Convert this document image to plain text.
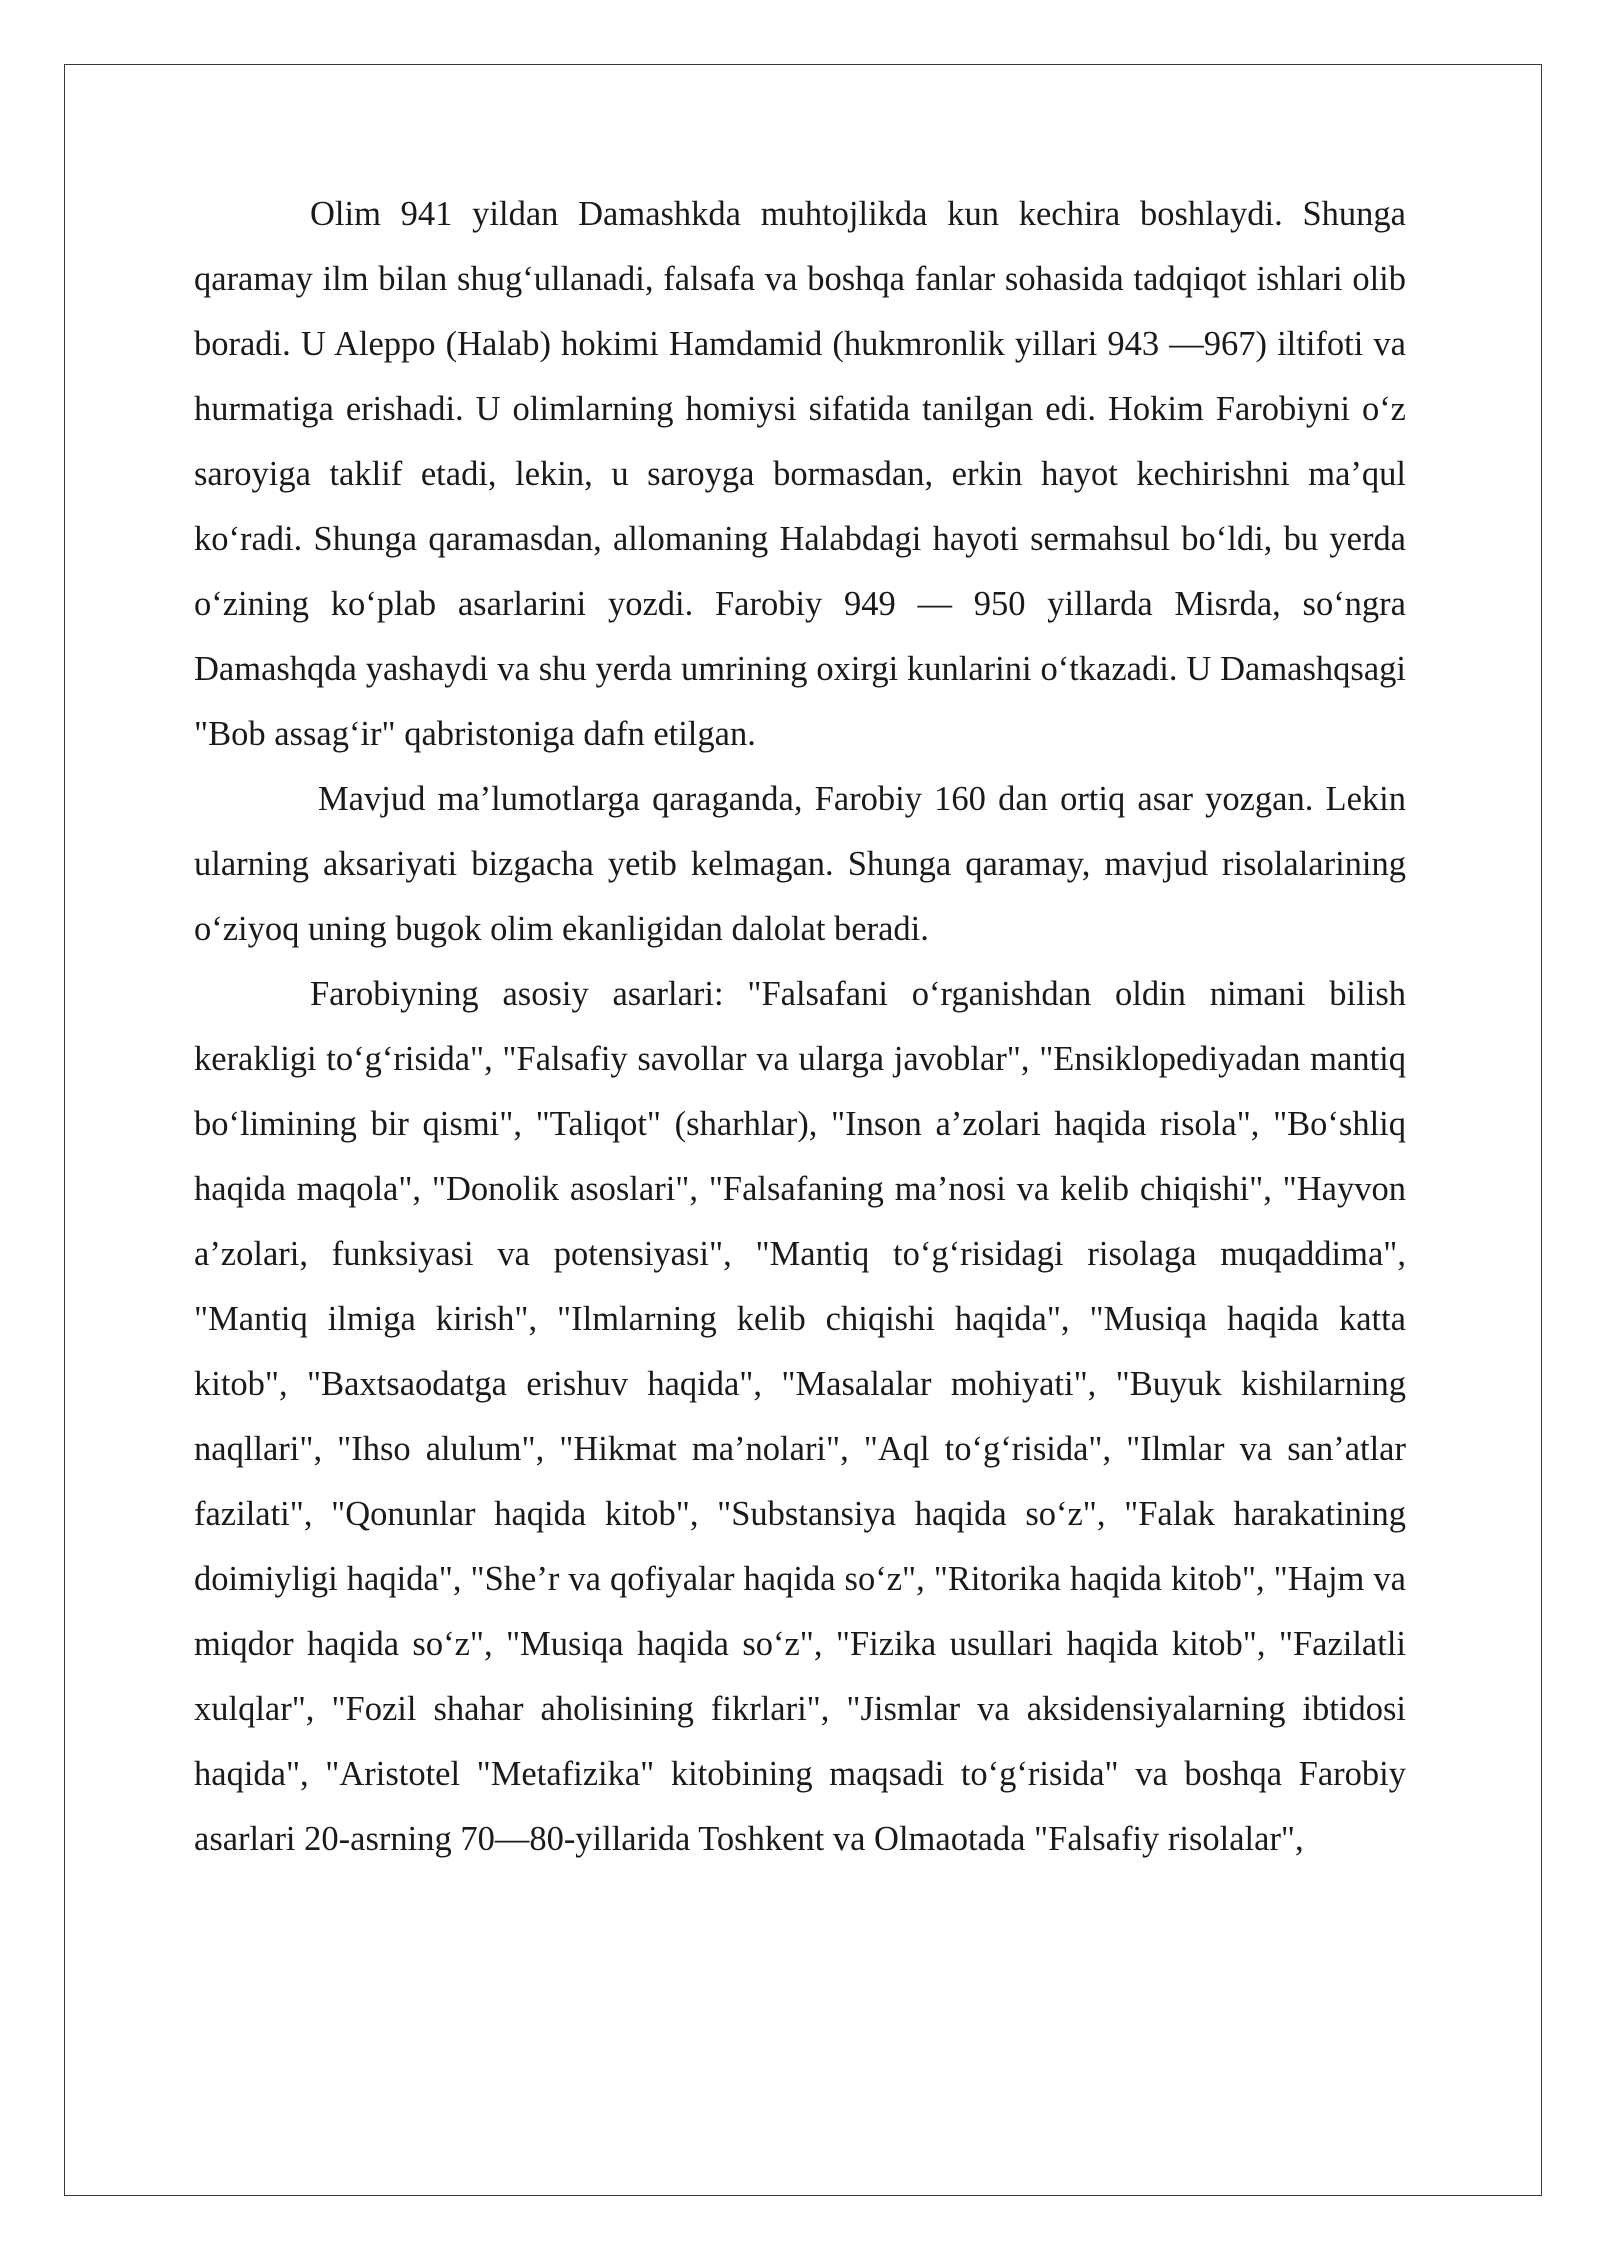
Olim 941 yildan Damashkda muhtojlikda kun kechira boshlaydi. Shunga qaramay ilm bilan shug‘ullanadi, falsafa va boshqa fanlar sohasida tadqiqot ishlari olib boradi. U Aleppo (Halab) hokimi Hamdamid (hukmronlik yillari 943 —967) iltifoti va hurmatiga erishadi. U olimlarning homiysi sifatida tanilgan edi. Hokim Farobiyni o‘z saroyiga taklif etadi, lekin, u saroyga bormasdan, erkin hayot kechirishni ma’qul ko‘radi. Shunga qaramasdan, allomaning Halabdagi hayoti sermahsul bo‘ldi, bu yerda o‘zining ko‘plab asarlarini yozdi. Farobiy 949 — 950 yillarda Misrda, so‘ngra Damashqda yashaydi va shu yerda umrining oxirgi kunlarini o‘tkazadi. U Damashqsagi "Bob assag‘ir" qabristoniga dafn etilgan.

Mavjud ma’lumotlarga qaraganda, Farobiy 160 dan ortiq asar yozgan. Lekin ularning aksariyati bizgacha yetib kelmagan. Shunga qaramay, mavjud risolalarining o‘ziyoq uning bugok olim ekanligidan dalolat beradi.

Farobiyning asosiy asarlari: "Falsafani o‘rganishdan oldin nimani bilish kerakligi to‘g‘risida", "Falsafiy savollar va ularga javoblar", "Ensiklopediyadan mantiq bo‘limining bir qismi", "Taliqot" (sharhlar), "Inson a’zolari haqida risola", "Bo‘shliq haqida maqola", "Donolik asoslari", "Falsafaning ma’nosi va kelib chiqishi", "Hayvon a’zolari, funksiyasi va potensiyasi", "Mantiq to‘g‘risidagi risolaga muqaddima", "Mantiq ilmiga kirish", "Ilmlarning kelib chiqishi haqida", "Musiqa haqida katta kitob", "Baxtsaodatga erishuv haqida", "Masalalar mohiyati", "Buyuk kishilarning naqllari", "Ihso alulum", "Hikmat ma’nolari", "Aql to‘g‘risida", "Ilmlar va san’atlar fazilati", "Qonunlar haqida kitob", "Substansiya haqida so‘z", "Falak harakatining doimiyligi haqida", "She’r va qofiyalar haqida so‘z", "Ritorika haqida kitob", "Hajm va miqdor haqida so‘z", "Musiqa haqida so‘z", "Fizika usullari haqida kitob", "Fazilatli xulqlar", "Fozil shahar aholisining fikrlari", "Jismlar va aksidensiyalarning ibtidosi haqida", "Aristotel "Metafizika" kitobining maqsadi to‘g‘risida" va boshqa Farobiy asarlari 20-asrning 70—80-yillarida Toshkent va Olmaotada "Falsafiy risolalar",
